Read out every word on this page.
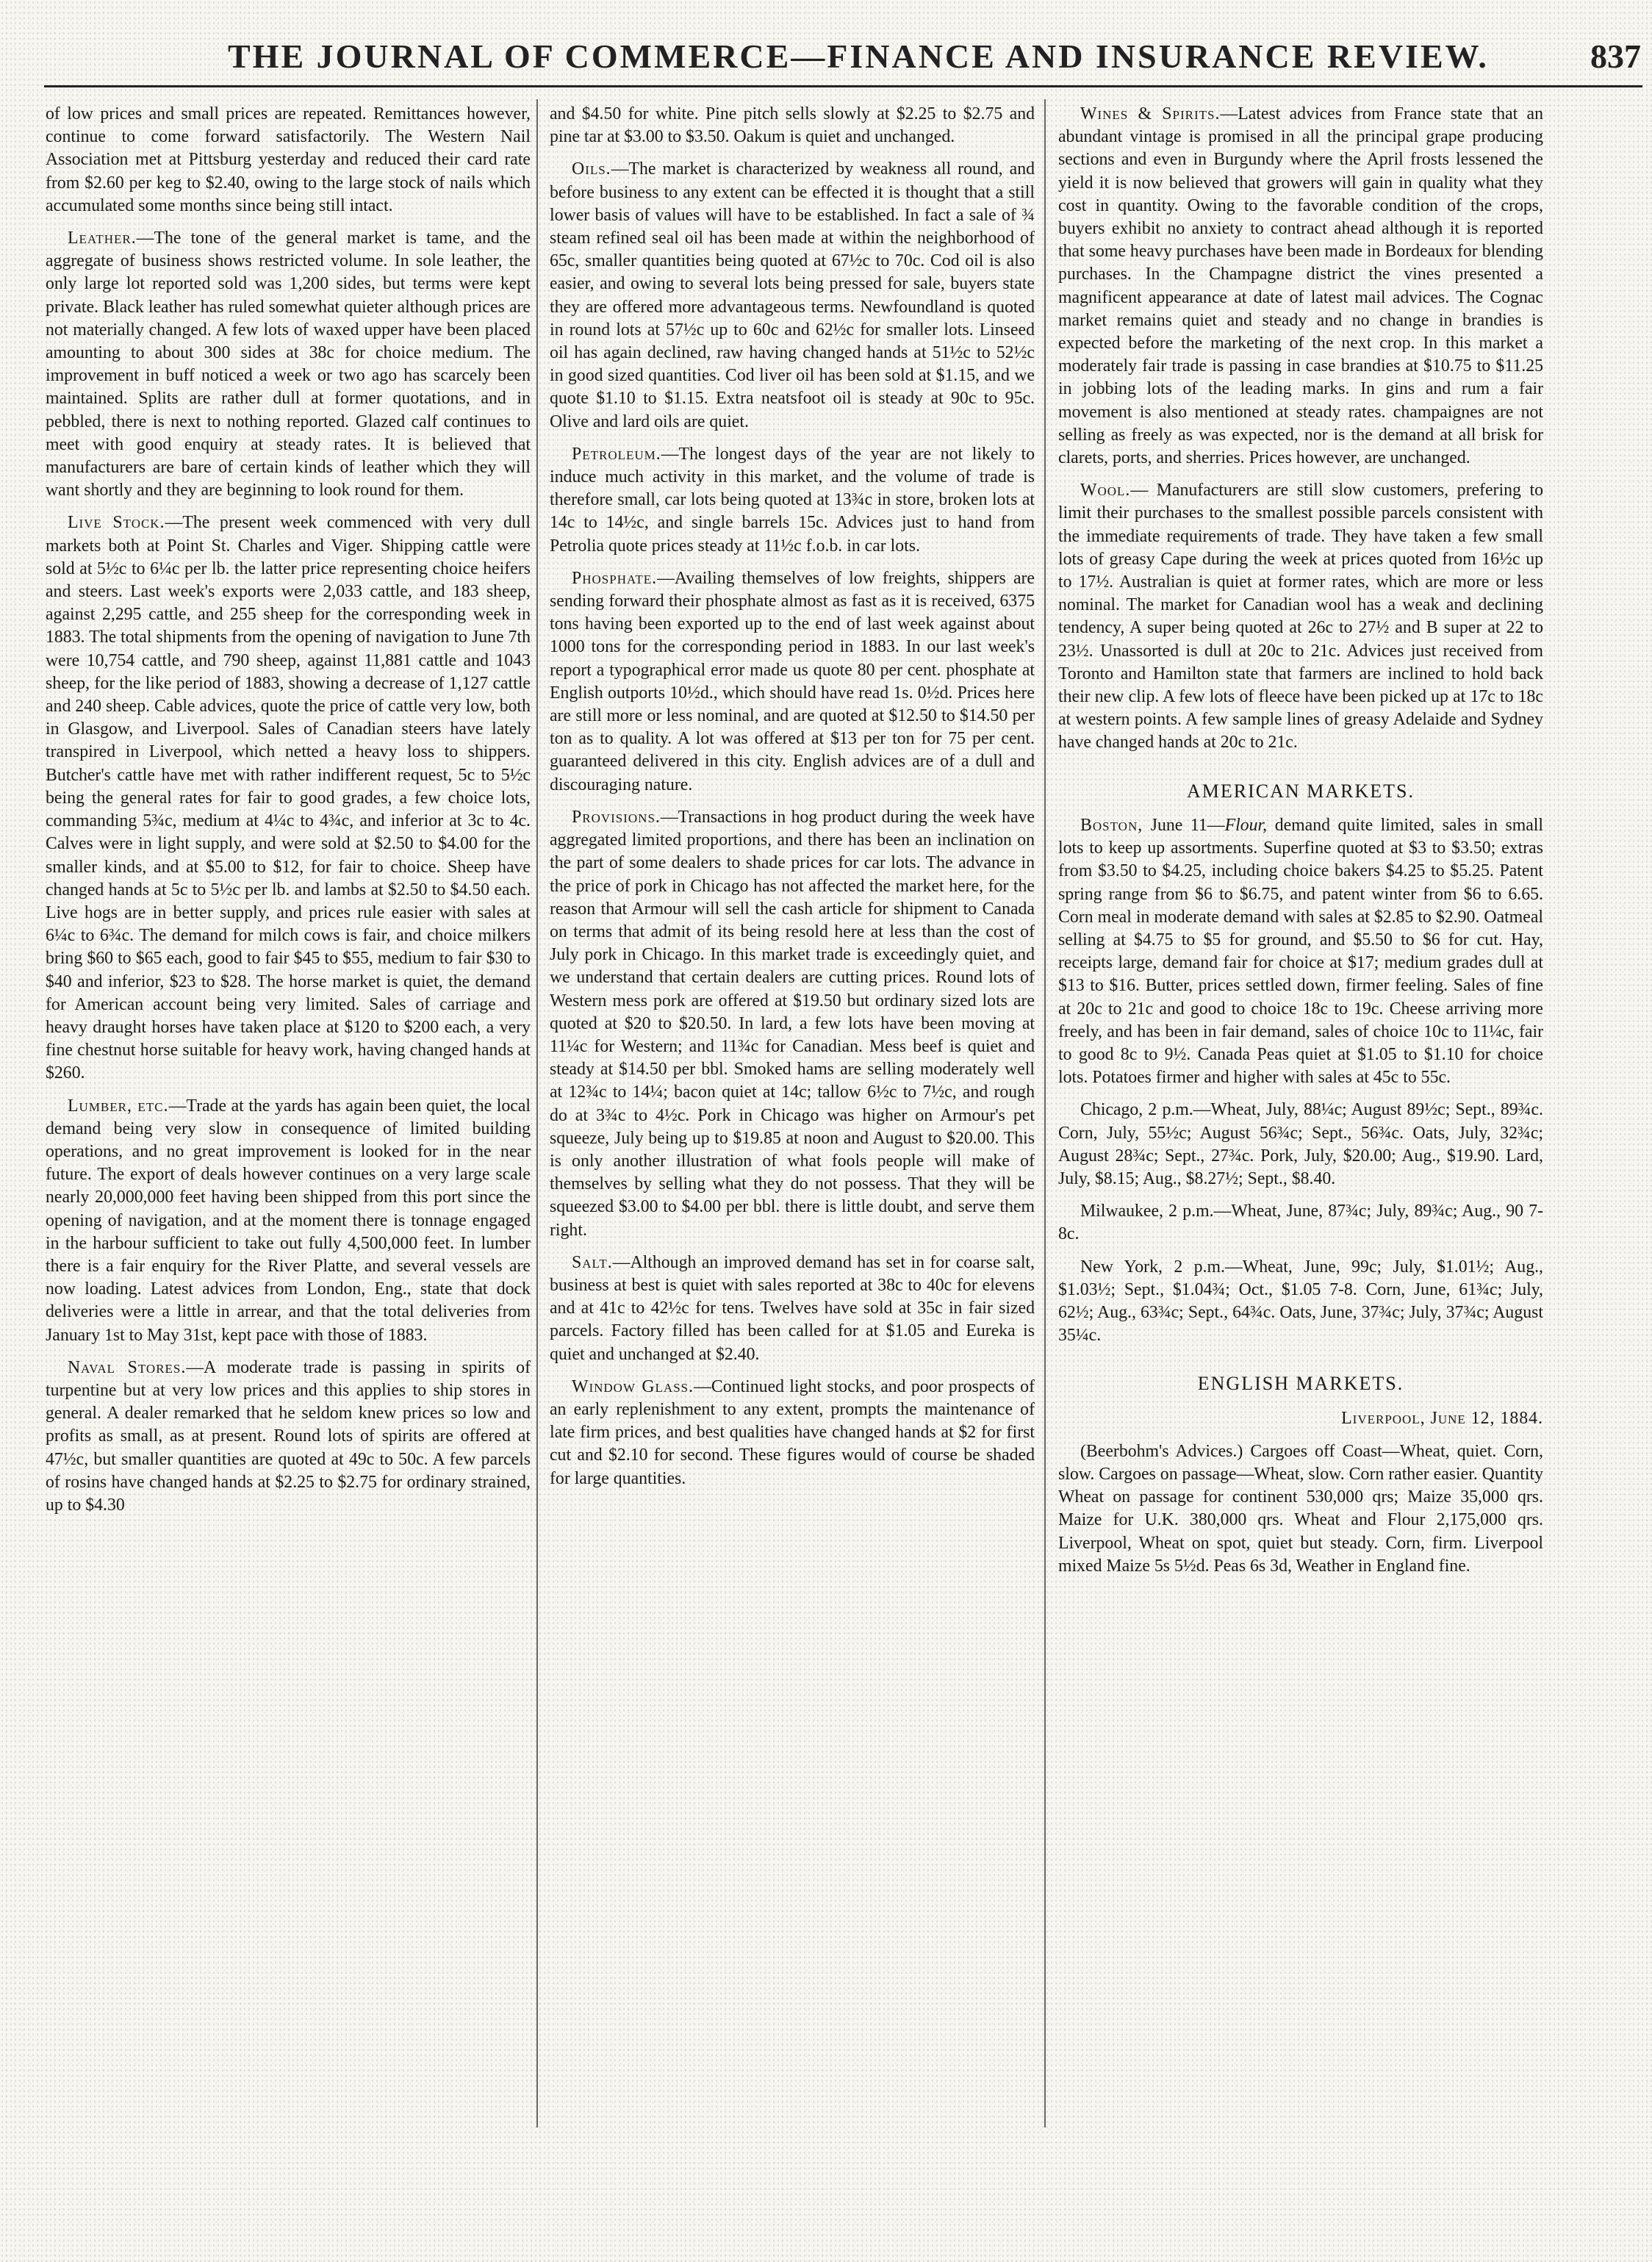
THE JOURNAL OF COMMERCE—FINANCE AND INSURANCE REVIEW.	837

of low prices and small prices are repeated. Remittances however, continue to come forward satisfactorily. The Western Nail Association met at Pittsburg yesterday and reduced their card rate from $2.60 per keg to $2.40, owing to the large stock of nails which accumulated some months since being still intact.

Leather.—The tone of the general market is tame, and the aggregate of business shows restricted volume. In sole leather, the only large lot reported sold was 1,200 sides, but terms were kept private. Black leather has ruled somewhat quieter although prices are not materially changed. A few lots of waxed upper have been placed amounting to about 300 sides at 38c for choice medium. The improvement in buff noticed a week or two ago has scarcely been maintained. Splits are rather dull at former quotations, and in pebbled, there is next to nothing reported. Glazed calf continues to meet with good enquiry at steady rates. It is believed that manufacturers are bare of certain kinds of leather which they will want shortly and they are beginning to look round for them.

Live Stock.—The present week commenced with very dull markets both at Point St. Charles and Viger. Shipping cattle were sold at 5½c to 6¼c per lb. the latter price representing choice heifers and steers. Last week's exports were 2,033 cattle, and 183 sheep, against 2,295 cattle, and 255 sheep for the corresponding week in 1883. The total shipments from the opening of navigation to June 7th were 10,754 cattle, and 790 sheep, against 11,881 cattle and 1043 sheep, for the like period of 1883, showing a decrease of 1,127 cattle and 240 sheep. Cable advices, quote the price of cattle very low, both in Glasgow, and Liverpool. Sales of Canadian steers have lately transpired in Liverpool, which netted a heavy loss to shippers. Butcher's cattle have met with rather indifferent request, 5c to 5½c being the general rates for fair to good grades, a few choice lots, commanding 5¾c, medium at 4¼c to 4¾c, and inferior at 3c to 4c. Calves were in light supply, and were sold at $2.50 to $4.00 for the smaller kinds, and at $5.00 to $12, for fair to choice. Sheep have changed hands at 5c to 5½c per lb. and lambs at $2.50 to $4.50 each. Live hogs are in better supply, and prices rule easier with sales at 6¼c to 6¾c. The demand for milch cows is fair, and choice milkers bring $60 to $65 each, good to fair $45 to $55, medium to fair $30 to $40 and inferior, $23 to $28. The horse market is quiet, the demand for American account being very limited. Sales of carriage and heavy draught horses have taken place at $120 to $200 each, a very fine chestnut horse suitable for heavy work, having changed hands at $260.

Lumber, etc.—Trade at the yards has again been quiet, the local demand being very slow in consequence of limited building operations, and no great improvement is looked for in the near future. The export of deals however continues on a very large scale nearly 20,000,000 feet having been shipped from this port since the opening of navigation, and at the moment there is tonnage engaged in the harbour sufficient to take out fully 4,500,000 feet. In lumber there is a fair enquiry for the River Platte, and several vessels are now loading. Latest advices from London, Eng., state that dock deliveries were a little in arrear, and that the total deliveries from January 1st to May 31st, kept pace with those of 1883.

Naval Stores.—A moderate trade is passing in spirits of turpentine but at very low prices and this applies to ship stores in general. A dealer remarked that he seldom knew prices so low and profits as small, as at present. Round lots of spirits are offered at 47½c, but smaller quantities are quoted at 49c to 50c. A few parcels of rosins have changed hands at $2.25 to $2.75 for ordinary strained, up to $4.30

and $4.50 for white. Pine pitch sells slowly at $2.25 to $2.75 and pine tar at $3.00 to $3.50. Oakum is quiet and unchanged.

Oils.—The market is characterized by weakness all round, and before business to any extent can be effected it is thought that a still lower basis of values will have to be established. In fact a sale of ¾ steam refined seal oil has been made at within the neighborhood of 65c, smaller quantities being quoted at 67½c to 70c. Cod oil is also easier, and owing to several lots being pressed for sale, buyers state they are offered more advantageous terms. Newfoundland is quoted in round lots at 57½c up to 60c and 62½c for smaller lots. Linseed oil has again declined, raw having changed hands at 51½c to 52½c in good sized quantities. Cod liver oil has been sold at $1.15, and we quote $1.10 to $1.15. Extra neatsfoot oil is steady at 90c to 95c. Olive and lard oils are quiet.

Petroleum.—The longest days of the year are not likely to induce much activity in this market, and the volume of trade is therefore small, car lots being quoted at 13¾c in store, broken lots at 14c to 14½c, and single barrels 15c. Advices just to hand from Petrolia quote prices steady at 11½c f.o.b. in car lots.

Phosphate.—Availing themselves of low freights, shippers are sending forward their phosphate almost as fast as it is received, 6375 tons having been exported up to the end of last week against about 1000 tons for the corresponding period in 1883. In our last week's report a typographical error made us quote 80 per cent. phosphate at English outports 10½d., which should have read 1s. 0½d. Prices here are still more or less nominal, and are quoted at $12.50 to $14.50 per ton as to quality. A lot was offered at $13 per ton for 75 per cent. guaranteed delivered in this city. English advices are of a dull and discouraging nature.

Provisions.—Transactions in hog product during the week have aggregated limited proportions, and there has been an inclination on the part of some dealers to shade prices for car lots. The advance in the price of pork in Chicago has not affected the market here, for the reason that Armour will sell the cash article for shipment to Canada on terms that admit of its being resold here at less than the cost of July pork in Chicago. In this market trade is exceedingly quiet, and we understand that certain dealers are cutting prices. Round lots of Western mess pork are offered at $19.50 but ordinary sized lots are quoted at $20 to $20.50. In lard, a few lots have been moving at 11¼c for Western; and 11¾c for Canadian. Mess beef is quiet and steady at $14.50 per bbl. Smoked hams are selling moderately well at 12¾c to 14¼; bacon quiet at 14c; tallow 6½c to 7½c, and rough do at 3¾c to 4½c. Pork in Chicago was higher on Armour's pet squeeze, July being up to $19.85 at noon and August to $20.00. This is only another illustration of what fools people will make of themselves by selling what they do not possess. That they will be squeezed $3.00 to $4.00 per bbl. there is little doubt, and serve them right.

Salt.—Although an improved demand has set in for coarse salt, business at best is quiet with sales reported at 38c to 40c for elevens and at 41c to 42½c for tens. Twelves have sold at 35c in fair sized parcels. Factory filled has been called for at $1.05 and Eureka is quiet and unchanged at $2.40.

Window Glass.—Continued light stocks, and poor prospects of an early replenishment to any extent, prompts the maintenance of late firm prices, and best qualities have changed hands at $2 for first cut and $2.10 for second. These figures would of course be shaded for large quantities.

Wines & Spirits.—Latest advices from France state that an abundant vintage is promised in all the principal grape producing sections and even in Burgundy where the April frosts lessened the yield it is now believed that growers will gain in quality what they cost in quantity. Owing to the favorable condition of the crops, buyers exhibit no anxiety to contract ahead although it is reported that some heavy purchases have been made in Bordeaux for blending purchases. In the Champagne district the vines presented a magnificent appearance at date of latest mail advices. The Cognac market remains quiet and steady and no change in brandies is expected before the marketing of the next crop. In this market a moderately fair trade is passing in case brandies at $10.75 to $11.25 in jobbing lots of the leading marks. In gins and rum a fair movement is also mentioned at steady rates. champaignes are not selling as freely as was expected, nor is the demand at all brisk for clarets, ports, and sherries. Prices however, are unchanged.

Wool.— Manufacturers are still slow customers, prefering to limit their purchases to the smallest possible parcels consistent with the immediate requirements of trade. They have taken a few small lots of greasy Cape during the week at prices quoted from 16½c up to 17½. Australian is quiet at former rates, which are more or less nominal. The market for Canadian wool has a weak and declining tendency, A super being quoted at 26c to 27½ and B super at 22 to 23½. Unassorted is dull at 20c to 21c. Advices just received from Toronto and Hamilton state that farmers are inclined to hold back their new clip. A few lots of fleece have been picked up at 17c to 18c at western points. A few sample lines of greasy Adelaide and Sydney have changed hands at 20c to 21c.

AMERICAN MARKETS.

Boston, June 11—Flour, demand quite limited, sales in small lots to keep up assortments. Superfine quoted at $3 to $3.50; extras from $3.50 to $4.25, including choice bakers $4.25 to $5.25. Patent spring range from $6 to $6.75, and patent winter from $6 to 6.65. Corn meal in moderate demand with sales at $2.85 to $2.90. Oatmeal selling at $4.75 to $5 for ground, and $5.50 to $6 for cut. Hay, receipts large, demand fair for choice at $17; medium grades dull at $13 to $16. Butter, prices settled down, firmer feeling. Sales of fine at 20c to 21c and good to choice 18c to 19c. Cheese arriving more freely, and has been in fair demand, sales of choice 10c to 11¼c, fair to good 8c to 9½. Canada Peas quiet at $1.05 to $1.10 for choice lots. Potatoes firmer and higher with sales at 45c to 55c.

Chicago, 2 p.m.—Wheat, July, 88¼c; August 89½c; Sept., 89¾c. Corn, July, 55½c; August 56¾c; Sept., 56¾c. Oats, July, 32¾c; August 28¾c; Sept., 27¾c. Pork, July, $20.00; Aug., $19.90. Lard, July, $8.15; Aug., $8.27½; Sept., $8.40.

Milwaukee, 2 p.m.—Wheat, June, 87¾c; July, 89¾c; Aug., 90 7-8c.

New York, 2 p.m.—Wheat, June, 99c; July, $1.01½; Aug., $1.03½; Sept., $1.04¾; Oct., $1.05 7-8. Corn, June, 61¾c; July, 62½; Aug., 63¾c; Sept., 64¾c. Oats, June, 37¾c; July, 37¾c; August 35¼c.

ENGLISH MARKETS.
Liverpool, June 12, 1884.

(Beerbohm's Advices.) Cargoes off Coast—Wheat, quiet. Corn, slow. Cargoes on passage—Wheat, slow. Corn rather easier. Quantity Wheat on passage for continent 530,000 qrs; Maize 35,000 qrs. Maize for U.K. 380,000 qrs. Wheat and Flour 2,175,000 qrs. Liverpool, Wheat on spot, quiet but steady. Corn, firm. Liverpool mixed Maize 5s 5½d. Peas 6s 3d, Weather in England fine.
